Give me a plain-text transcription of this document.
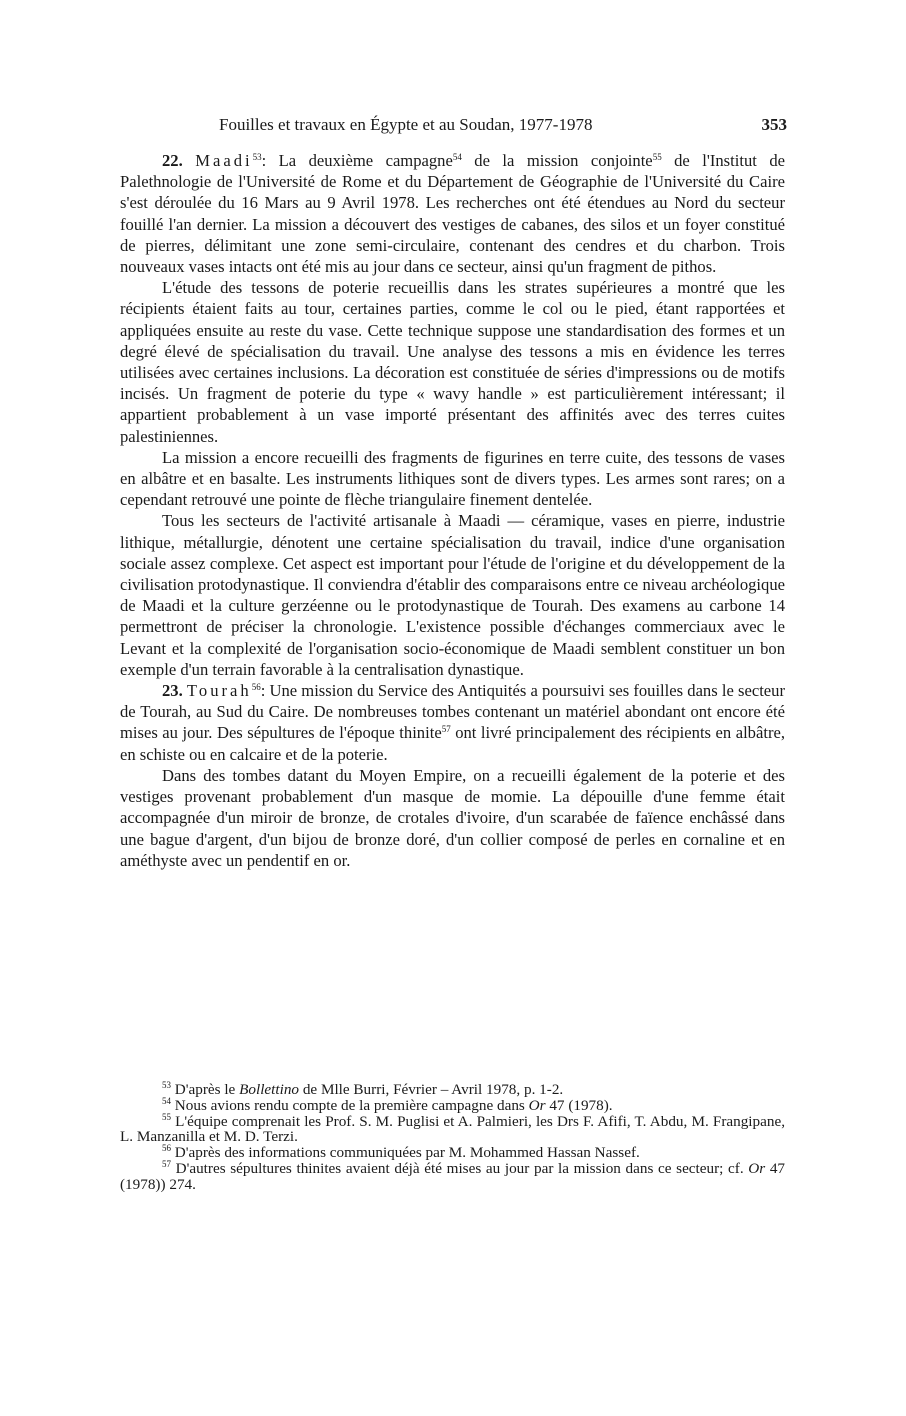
Fouilles et travaux en Égypte et au Soudan, 1977-1978	353

22. Maadi$^{53}$: La deuxième campagne$^{54}$ de la mission conjointe$^{55}$ de l'Institut de Palethnologie de l'Université de Rome et du Département de Géographie de l'Université du Caire s'est déroulée du 16 Mars au 9 Avril 1978. Les recherches ont été étendues au Nord du secteur fouillé l'an dernier. La mission a découvert des vestiges de cabanes, des silos et un foyer constitué de pierres, délimitant une zone semi-circulaire, contenant des cendres et du charbon. Trois nouveaux vases intacts ont été mis au jour dans ce secteur, ainsi qu'un fragment de pithos.

L'étude des tessons de poterie recueillis dans les strates supérieures a montré que les récipients étaient faits au tour, certaines parties, comme le col ou le pied, étant rapportées et appliquées ensuite au reste du vase. Cette technique suppose une standardisation des formes et un degré élevé de spécialisation du travail. Une analyse des tessons a mis en évidence les terres utilisées avec certaines inclusions. La décoration est constituée de séries d'impressions ou de motifs incisés. Un fragment de poterie du type « wavy handle » est particulièrement intéressant; il appartient probablement à un vase importé présentant des affinités avec des terres cuites palestiniennes.

La mission a encore recueilli des fragments de figurines en terre cuite, des tessons de vases en albâtre et en basalte. Les instruments lithiques sont de divers types. Les armes sont rares; on a cependant retrouvé une pointe de flèche triangulaire finement dentelée.

Tous les secteurs de l'activité artisanale à Maadi — céramique, vases en pierre, industrie lithique, métallurgie, dénotent une certaine spécialisation du travail, indice d'une organisation sociale assez complexe. Cet aspect est important pour l'étude de l'origine et du développement de la civilisation protodynastique. Il conviendra d'établir des comparaisons entre ce niveau archéologique de Maadi et la culture gerzéenne ou le protodynastique de Tourah. Des examens au carbone 14 permettront de préciser la chronologie. L'existence possible d'échanges commerciaux avec le Levant et la complexité de l'organisation socio-économique de Maadi semblent constituer un bon exemple d'un terrain favorable à la centralisation dynastique.

23. Tourah$^{56}$: Une mission du Service des Antiquités a poursuivi ses fouilles dans le secteur de Tourah, au Sud du Caire. De nombreuses tombes contenant un matériel abondant ont encore été mises au jour. Des sépultures de l'époque thinite$^{57}$ ont livré principalement des récipients en albâtre, en schiste ou en calcaire et de la poterie.

Dans des tombes datant du Moyen Empire, on a recueilli également de la poterie et des vestiges provenant probablement d'un masque de momie. La dépouille d'une femme était accompagnée d'un miroir de bronze, de crotales d'ivoire, d'un scarabée de faïence enchâssé dans une bague d'argent, d'un bijou de bronze doré, d'un collier composé de perles en cornaline et en améthyste avec un pendentif en or.

$^{53}$ D'après le Bollettino de Mlle Burri, Février – Avril 1978, p. 1-2.

$^{54}$ Nous avions rendu compte de la première campagne dans Or 47 (1978).

$^{55}$ L'équipe comprenait les Prof. S. M. Puglisi et A. Palmieri, les Drs F. Afifi, T. Abdu, M. Frangipane, L. Manzanilla et M. D. Terzi.

$^{56}$ D'après des informations communiquées par M. Mohammed Hassan Nassef.

$^{57}$ D'autres sépultures thinites avaient déjà été mises au jour par la mission dans ce secteur; cf. Or 47 (1978)) 274.
